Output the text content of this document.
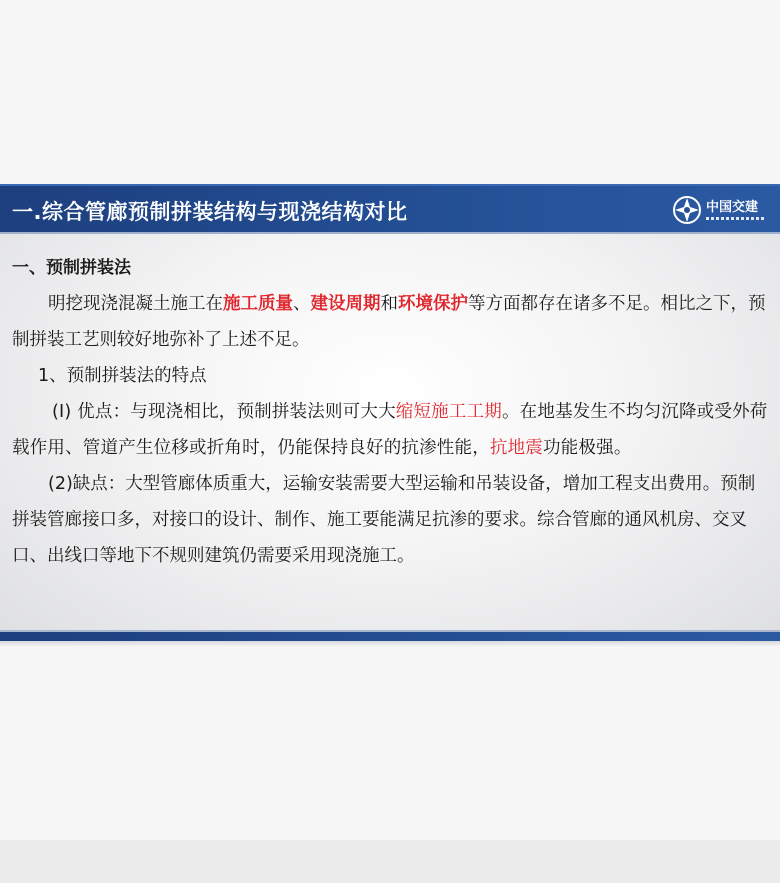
一.综合管廊预制拼装结构与现浇结构对比	中国交建

一、预制拼装法

明挖现浇混凝土施工在施工质量、建设周期和环境保护等方面都存在诸多不足。相比之下，预制拼装工艺则较好地弥补了上述不足。

1、预制拼装法的特点

(I) 优点：与现浇相比，预制拼装法则可大大缩短施工工期。在地基发生不均匀沉降或受外荷载作用、管道产生位移或折角时，仍能保持良好的抗渗性能，抗地震功能极强。

(2)缺点：大型管廊体质重大，运输安装需要大型运输和吊装设备，增加工程支出费用。预制拼装管廊接口多，对接口的设计、制作、施工要能满足抗渗的要求。综合管廊的通风机房、交叉口、出线口等地下不规则建筑仍需要采用现浇施工。
